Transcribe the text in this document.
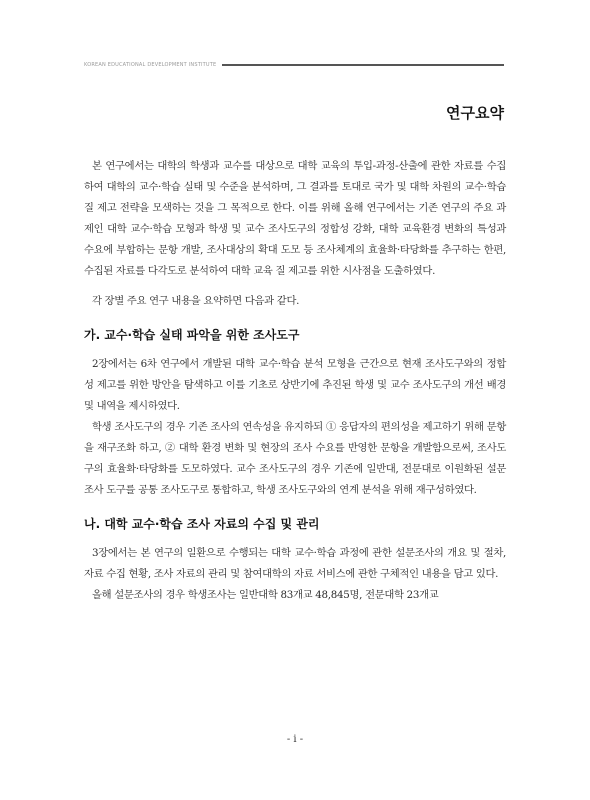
KOREAN EDUCATIONAL DEVELOPMENT INSTITUTE
연구요약

본 연구에서는 대학의 학생과 교수를 대상으로 대학 교육의 투입-과정-산출에 관한 자료를 수집하여 대학의 교수·학습 실태 및 수준을 분석하며, 그 결과를 토대로 국가 및 대학 차원의 교수·학습 질 제고 전략을 모색하는 것을 그 목적으로 한다. 이를 위해 올해 연구에서는 기존 연구의 주요 과제인 대학 교수·학습 모형과 학생 및 교수 조사도구의 정합성 강화, 대학 교육환경 변화의 특성과 수요에 부합하는 문항 개발, 조사대상의 확대 도모 등 조사체계의 효율화·타당화를 추구하는 한편, 수집된 자료를 다각도로 분석하여 대학 교육 질 제고를 위한 시사점을 도출하였다.

각 장별 주요 연구 내용을 요약하면 다음과 같다.

가. 교수·학습 실태 파악을 위한 조사도구

2장에서는 6차 연구에서 개발된 대학 교수·학습 분석 모형을 근간으로 현재 조사도구와의 정합성 제고를 위한 방안을 탐색하고 이를 기초로 상반기에 추진된 학생 및 교수 조사도구의 개선 배경 및 내역을 제시하였다.

학생 조사도구의 경우 기존 조사의 연속성을 유지하되 ① 응답자의 편의성을 제고하기 위해 문항을 재구조화 하고, ② 대학 환경 변화 및 현장의 조사 수요를 반영한 문항을 개발함으로써, 조사도구의 효율화·타당화를 도모하였다. 교수 조사도구의 경우 기존에 일반대, 전문대로 이원화된 설문조사 도구를 공통 조사도구로 통합하고, 학생 조사도구와의 연계 분석을 위해 재구성하였다.

나. 대학 교수·학습 조사 자료의 수집 및 관리

3장에서는 본 연구의 일환으로 수행되는 대학 교수·학습 과정에 관한 설문조사의 개요 및 절차, 자료 수집 현황, 조사 자료의 관리 및 참여대학의 자료 서비스에 관한 구체적인 내용을 담고 있다.

올해 설문조사의 경우 학생조사는 일반대학 83개교 48,845명, 전문대학 23개교

- i -
